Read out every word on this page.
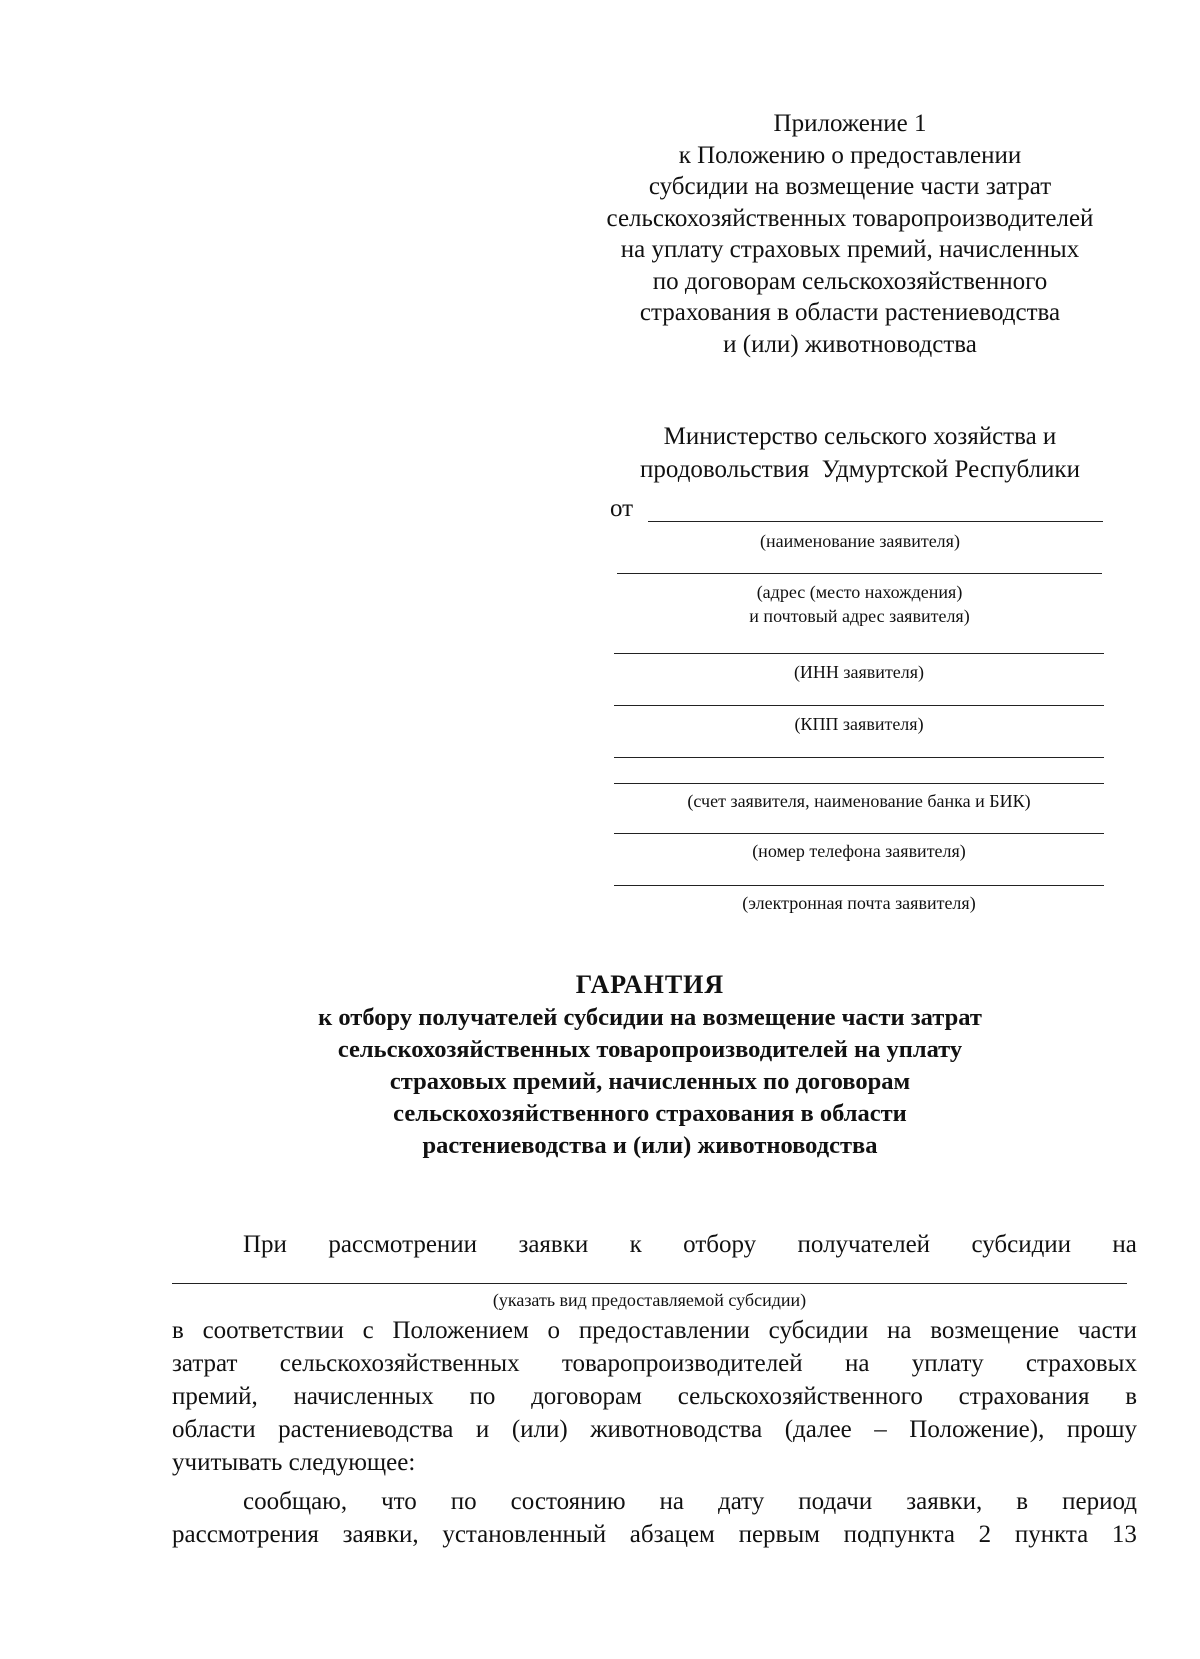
Приложение 1
к Положению о предоставлении
субсидии на возмещение части затрат
сельскохозяйственных товаропроизводителей
на уплату страховых премий, начисленных
по договорам сельскохозяйственного
страхования в области растениеводства
и (или) животноводства
Министерство сельского хозяйства и
продовольствия  Удмуртской Республики
от
(наименование заявителя)
(адрес (место нахождения)
и почтовый адрес заявителя)
(ИНН заявителя)
(КПП заявителя)
(счет заявителя, наименование банка и БИК)
(номер телефона заявителя)
(электронная почта заявителя)
ГАРАНТИЯ
к отбору получателей субсидии на возмещение части затрат
сельскохозяйственных товаропроизводителей на уплату
страховых премий, начисленных по договорам
сельскохозяйственного страхования в области
растениеводства и (или) животноводства
При рассмотрении заявки к отбору получателей субсидии на
(указать вид предоставляемой субсидии)
в соответствии с Положением о предоставлении субсидии на возмещение части
затрат сельскохозяйственных товаропроизводителей на уплату страховых
премий, начисленных по договорам сельскохозяйственного страхования в
области растениеводства и (или) животноводства (далее – Положение), прошу
учитывать следующее:
сообщаю, что по состоянию на дату подачи заявки, в период
рассмотрения заявки, установленный абзацем первым подпункта 2 пункта 13
